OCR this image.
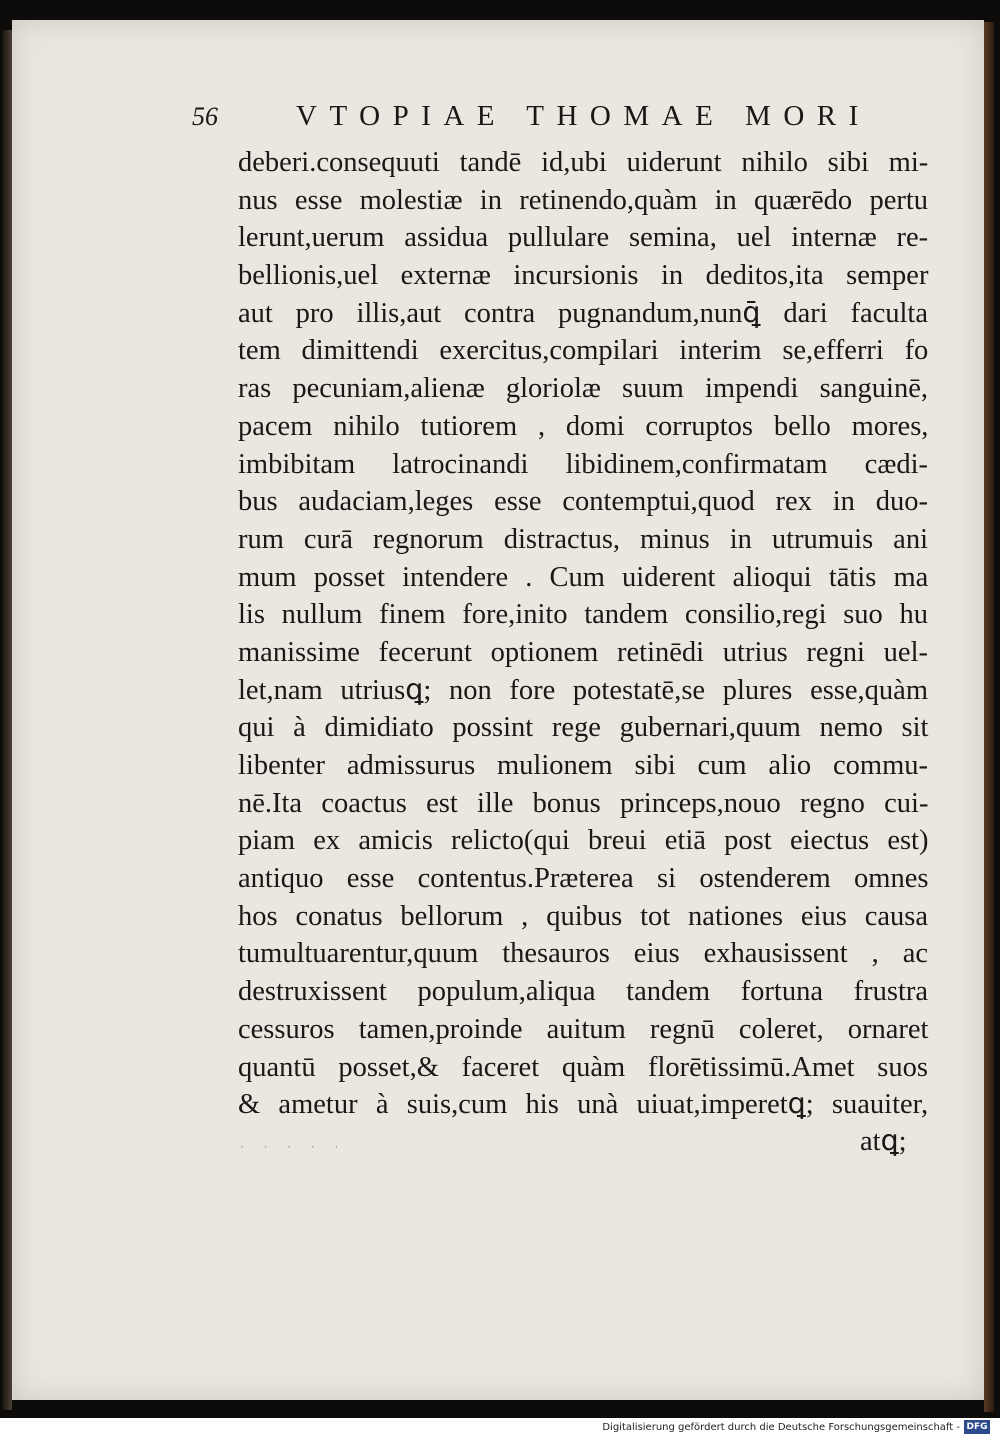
56	VTOPIAE THOMAE MORI
deberi.consequuti tandē id,ubi uiderunt nihilo sibi mi-
nus esse molestiæ in retinendo,quàm in quærēdo pertu
lerunt,uerum assidua pullulare semina, uel internæ re-
bellionis,uel externæ incursionis in deditos,ita semper
aut pro illis,aut contra pugnandum,nunꝗ̄ dari faculta
tem dimittendi exercitus,compilari interim se,efferri fo
ras pecuniam,alienæ gloriolæ suum impendi sanguinē,
pacem nihilo tutiorem , domi corruptos bello mores,
imbibitam latrocinandi libidinem,confirmatam cædi-
bus audaciam,leges esse contemptui,quod rex in duo-
rum curā regnorum distractus, minus in utrumuis ani
mum posset intendere . Cum uiderent alioqui tātis ma
lis nullum finem fore,inito tandem consilio,regi suo hu
manissime fecerunt optionem retinēdi utrius regni uel-
let,nam utriusꝗ; non fore potestatē,se plures esse,quàm
qui à dimidiato possint rege gubernari,quum nemo sit
libenter admissurus mulionem sibi cum alio commu-
nē.Ita coactus est ille bonus princeps,nouo regno cui-
piam ex amicis relicto(qui breui etiā post eiectus est)
antiquo esse contentus.Præterea si ostenderem omnes
hos conatus bellorum , quibus tot nationes eius causa
tumultuarentur,quum thesauros eius exhausissent , ac
destruxissent populum,aliqua tandem fortuna frustra
cessuros tamen,proinde auitum regnū coleret, ornaret
quantū posset,& faceret quàm florētissimū.Amet suos
& ametur à suis,cum his unà uiuat,imperetꝗ; suauiter,
atꝗ;
· · · · ·
Digitalisierung gefördert durch die Deutsche Forschungsgemeinschaft - DFG
